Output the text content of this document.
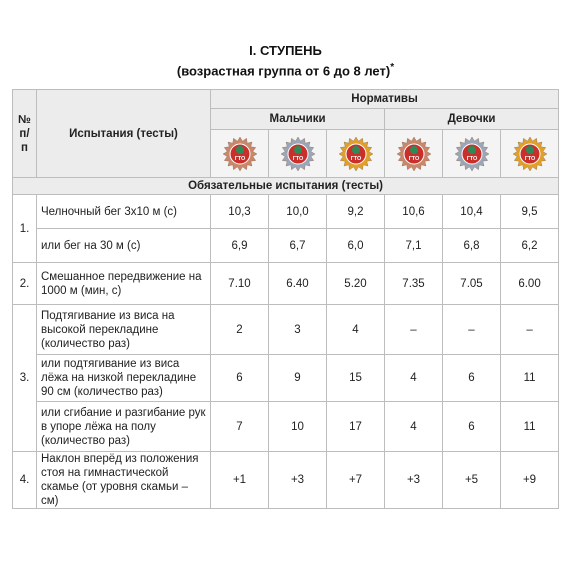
I. СТУПЕНЬ
(возрастная группа от 6 до 8 лет)*
№ п/п	Испытания (тесты)	Нормативы					
		Мальчики			Девочки		

ГТО	ГТО	ГТО	ГТО	ГТО	ГТО

Обязательные испытания (тесты)							
1.	Челночный бег 3х10 м (с)	10,3	10,0	9,2	10,6	10,4	9,5
	или бег на 30 м (с)	6,9	6,7	6,0	7,1	6,8	6,2
2.	Смешанное передвижение на 1000 м (мин, с)	7.10	6.40	5.20	7.35	7.05	6.00
3.	Подтягивание из виса на высокой перекладине (количество раз)	2	3	4	–	–	–
	или подтягивание из виса лёжа на низкой перекладине 90 см (количество раз)	6	9	15	4	6	11
	или сгибание и разгибание рук в упоре лёжа на полу (количество раз)	7	10	17	4	6	11
4.	Наклон вперёд из положения стоя на гимнастической скамье (от уровня скамьи – см)	+1	+3	+7	+3	+5	+9
